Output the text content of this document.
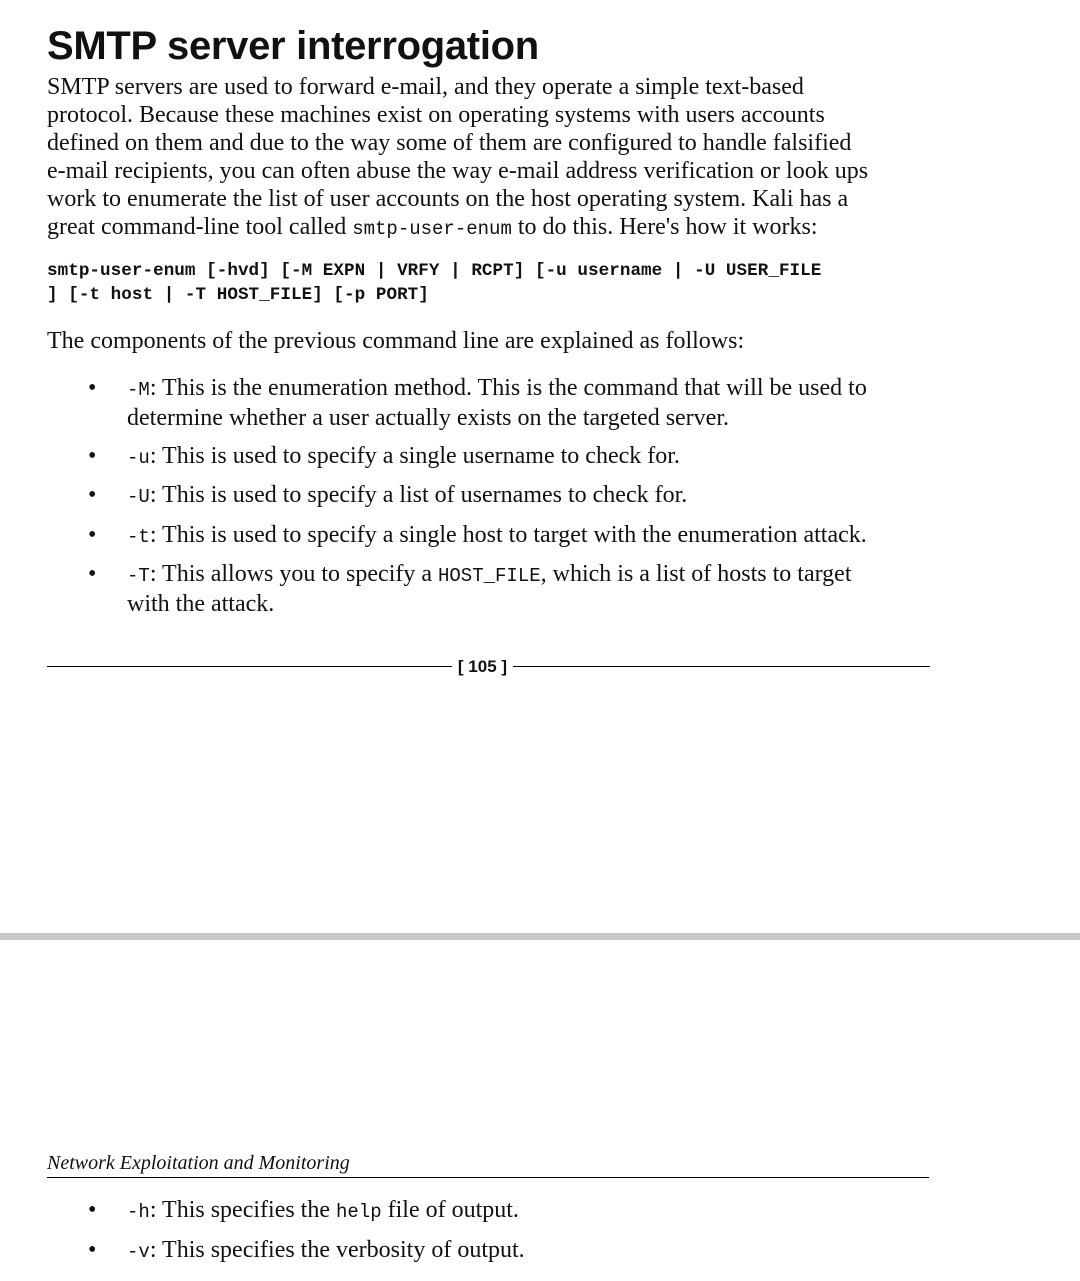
SMTP server interrogation

SMTP servers are used to forward e-mail, and they operate a simple text-based
protocol. Because these machines exist on operating systems with users accounts
defined on them and due to the way some of them are configured to handle falsified
e-mail recipients, you can often abuse the way e-mail address verification or look ups
work to enumerate the list of user accounts on the host operating system. Kali has a
great command-line tool called smtp-user-enum to do this. Here's how it works:

smtp-user-enum [-hvd] [-M EXPN | VRFY | RCPT] [-u username | -U USER_FILE
] [-t host | -T HOST_FILE] [-p PORT]

The components of the previous command line are explained as follows:

• -M: This is the enumeration method. This is the command that will be used to
determine whether a user actually exists on the targeted server.
• -u: This is used to specify a single username to check for.
• -U: This is used to specify a list of usernames to check for.
• -t: This is used to specify a single host to target with the enumeration attack.
• -T: This allows you to specify a HOST_FILE, which is a list of hosts to target
with the attack.
[ 105 ]
Network Exploitation and Monitoring
• -h: This specifies the help file of output.
• -v: This specifies the verbosity of output.
